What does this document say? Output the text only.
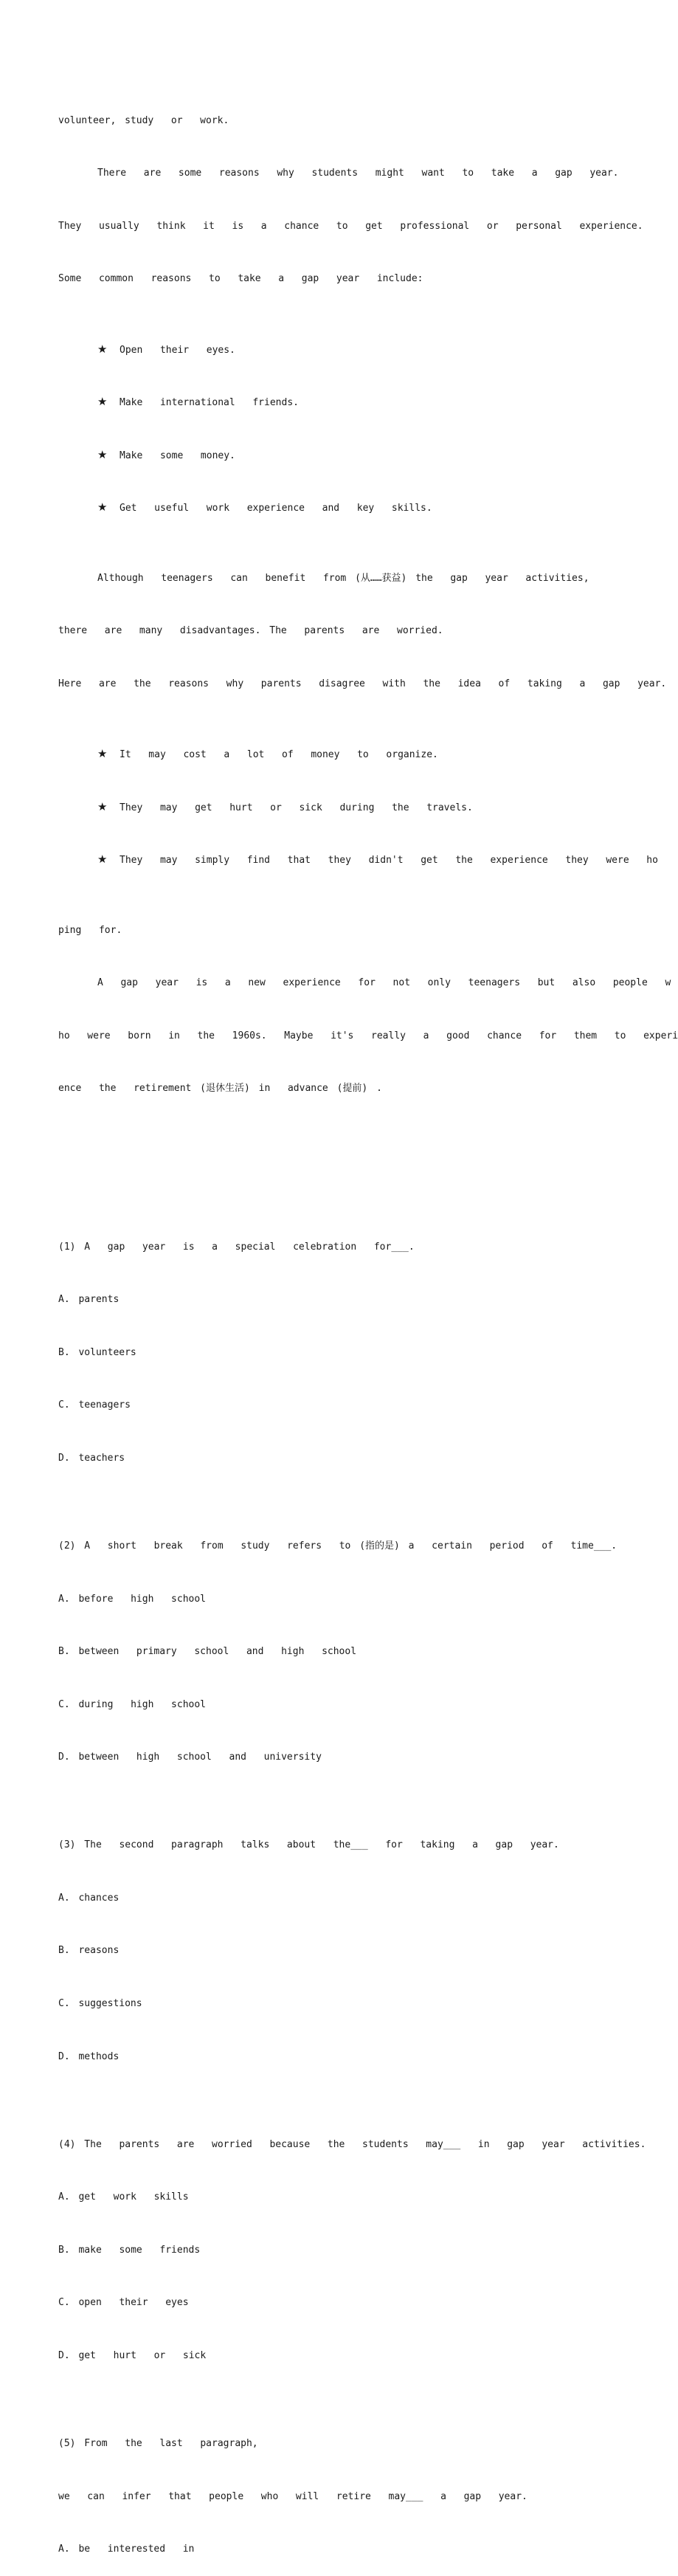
volunteer, study  or  work.

There  are  some  reasons  why  students  might  want  to  take  a  gap  year.

They  usually  think  it  is  a  chance  to  get  professional  or  personal  experience.

Some  common  reasons  to  take  a  gap  year  include:

★ Open  their  eyes.

★ Make  international  friends.

★ Make  some  money.

★ Get  useful  work  experience  and  key  skills.

Although  teenagers  can  benefit  from (从……获益) the  gap  year  activities,

there  are  many  disadvantages. The  parents  are  worried.

Here  are  the  reasons  why  parents  disagree  with  the  idea  of  taking  a  gap  year.

★ It  may  cost  a  lot  of  money  to  organize.

★ They  may  get  hurt  or  sick  during  the  travels.

★ They  may  simply  find  that  they  didn't  get  the  experience  they  were  ho

ping  for.

A  gap  year  is  a  new  experience  for  not  only  teenagers  but  also  people  w

ho  were  born  in  the  1960s.  Maybe  it's  really  a  good  chance  for  them  to  experi

ence  the  retirement (退休生活) in  advance (提前) .

(1) A  gap  year  is  a  special  celebration  for___.

A. parents

B. volunteers

C. teenagers

D. teachers

(2) A  short  break  from  study  refers  to (指的是) a  certain  period  of  time___.

A. before  high  school

B. between  primary  school  and  high  school

C. during  high  school

D. between  high  school  and  university

(3) The  second  paragraph  talks  about  the___  for  taking  a  gap  year.

A. chances

B. reasons

C. suggestions

D. methods

(4) The  parents  are  worried  because  the  students  may___  in  gap  year  activities.

A. get  work  skills

B. make  some  friends

C. open  their  eyes

D. get  hurt  or  sick

(5) From  the  last  paragraph,

we  can  infer  that  people  who  will  retire  may___  a  gap  year.

A. be  interested  in
